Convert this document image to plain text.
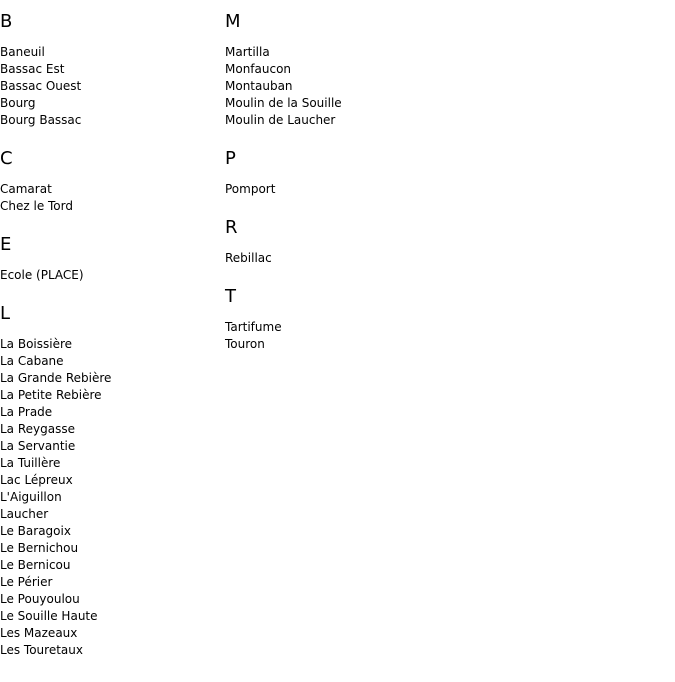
B
Baneuil
Bassac Est
Bassac Ouest
Bourg
Bourg Bassac
C
Camarat
Chez le Tord
E
Ecole (PLACE)
L
La Boissière
La Cabane
La Grande Rebière
La Petite Rebière
La Prade
La Reygasse
La Servantie
La Tuillère
Lac Lépreux
L'Aiguillon
Laucher
Le Baragoix
Le Bernichou
Le Bernicou
Le Périer
Le Pouyoulou
Le Souille Haute
Les Mazeaux
Les Touretaux
M
Martilla
Monfaucon
Montauban
Moulin de la Souille
Moulin de Laucher
P
Pomport
R
Rebillac
T
Tartifume
Touron
